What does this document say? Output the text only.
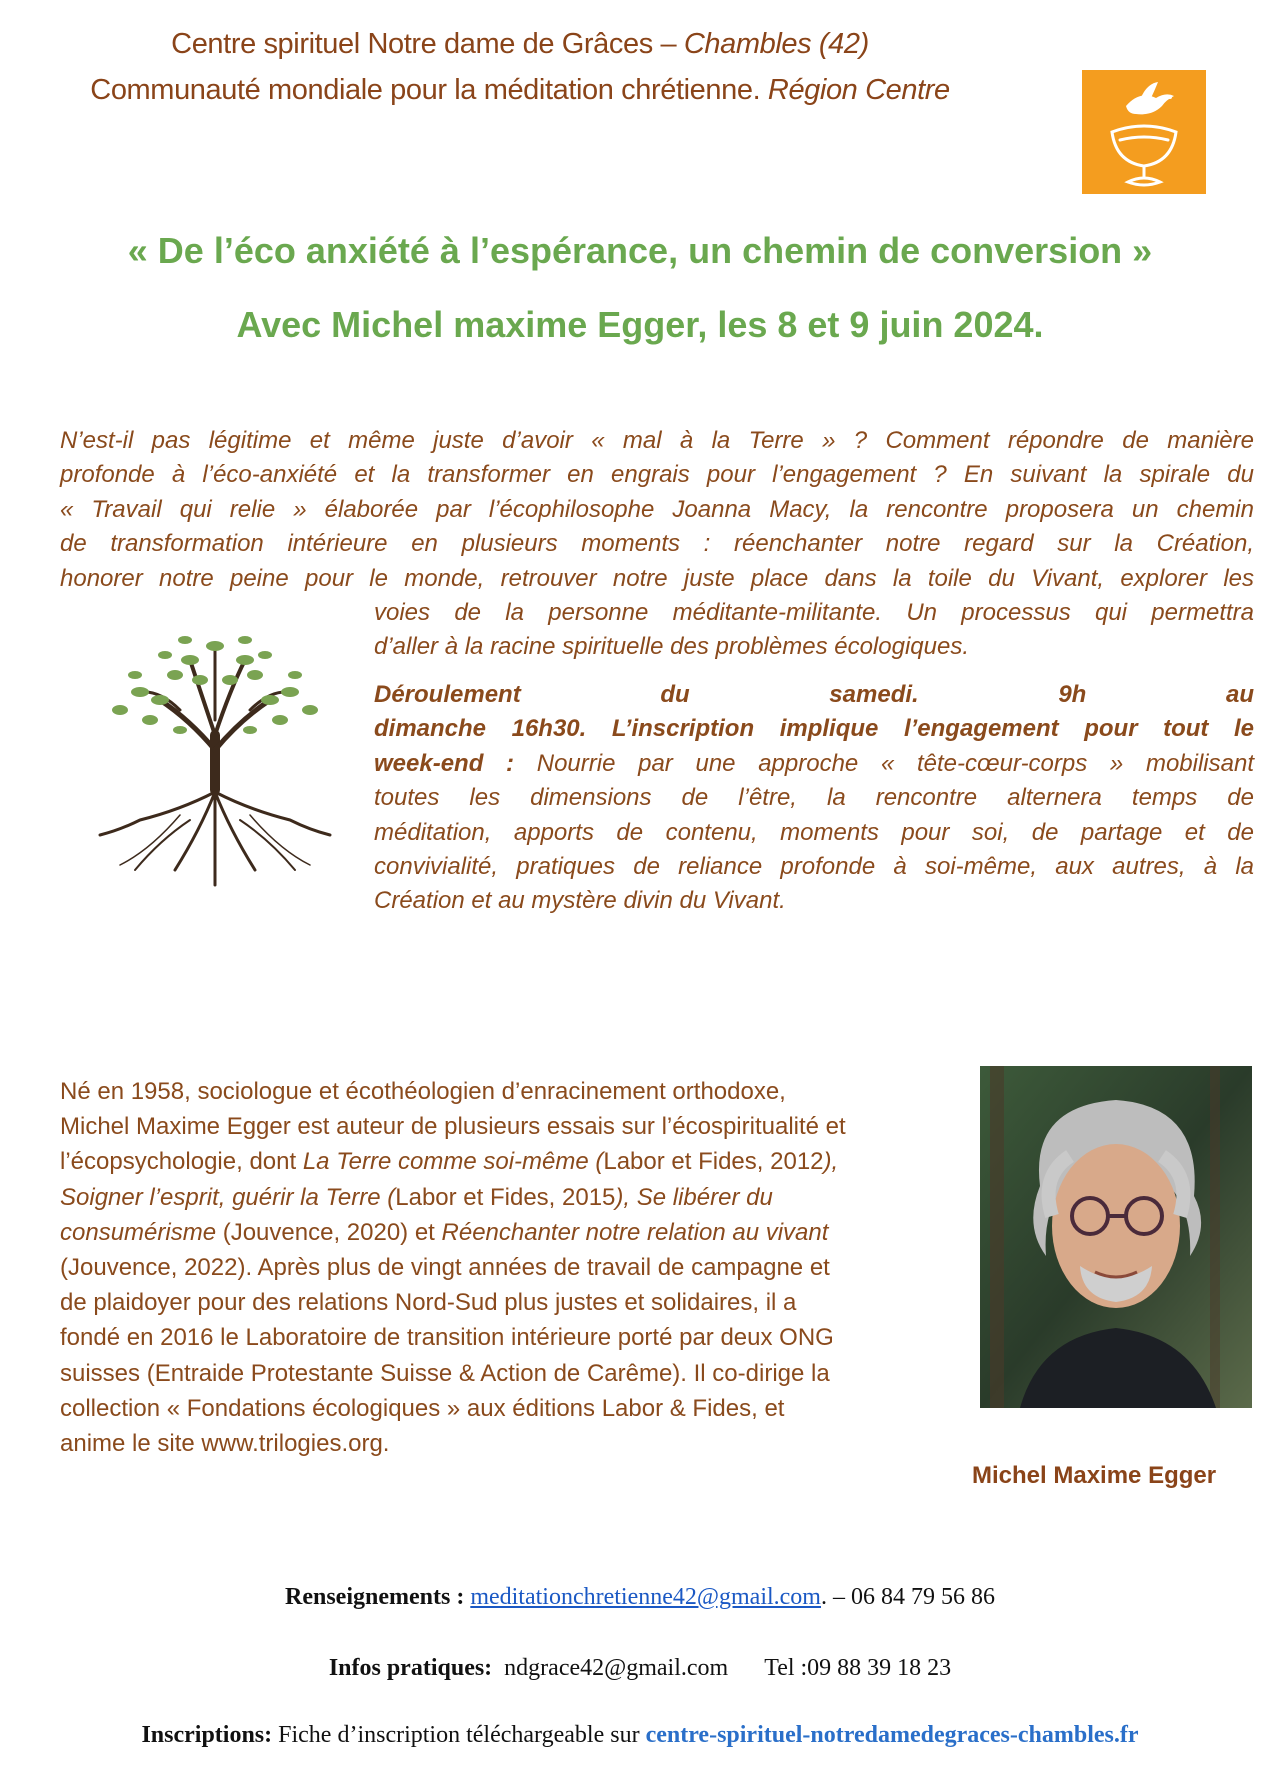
Centre spirituel Notre dame de Grâces – Chambles (42)
Communauté mondiale pour la méditation chrétienne. Région Centre
« De l’éco anxiété à l’espérance, un chemin de conversion »
Avec Michel maxime Egger, les 8 et 9 juin 2024.
N’est-il pas légitime et même juste d’avoir « mal à la Terre » ? Comment répondre de manière
profonde à l’éco-anxiété et la transformer en engrais pour l’engagement ? En suivant la spirale du
« Travail qui relie » élaborée par l’écophilosophe Joanna Macy, la rencontre proposera un chemin
de transformation intérieure en plusieurs moments : réenchanter notre regard sur la Création,
honorer notre peine pour le monde, retrouver notre juste place dans la toile du Vivant, explorer les
voies de la personne méditante-militante. Un processus qui permettra
d’aller à la racine spirituelle des problèmes écologiques.
Déroulement du samedi. 9h au
dimanche 16h30. L’inscription implique l’engagement pour tout le
week-end : Nourrie par une approche « tête-cœur-corps » mobilisant
toutes les dimensions de l’être, la rencontre alternera temps de
méditation, apports de contenu, moments pour soi, de partage et de
convivialité, pratiques de reliance profonde à soi-même, aux autres, à la
Création et au mystère divin du Vivant.
Né en 1958, sociologue et écothéologien d’enracinement orthodoxe,
Michel Maxime Egger est auteur de plusieurs essais sur l’écospiritualité et
l’écopsychologie, dont La Terre comme soi-même (Labor et Fides, 2012),
Soigner l’esprit, guérir la Terre (Labor et Fides, 2015), Se libérer du
consumérisme (Jouvence, 2020) et Réenchanter notre relation au vivant
(Jouvence, 2022). Après plus de vingt années de travail de campagne et
de plaidoyer pour des relations Nord-Sud plus justes et solidaires, il a
fondé en 2016 le Laboratoire de transition intérieure porté par deux ONG
suisses (Entraide Protestante Suisse & Action de Carême). Il co-dirige la
collection « Fondations écologiques » aux éditions Labor & Fides, et
anime le site www.trilogies.org.
Michel Maxime Egger
Renseignements : meditationchretienne42@gmail.com. – 06 84 79 56 86
Infos pratiques: ndgrace42@gmail.com Tel :09 88 39 18 23
Inscriptions: Fiche d’inscription téléchargeable sur centre-spirituel-notredamedegraces-chambles.fr
